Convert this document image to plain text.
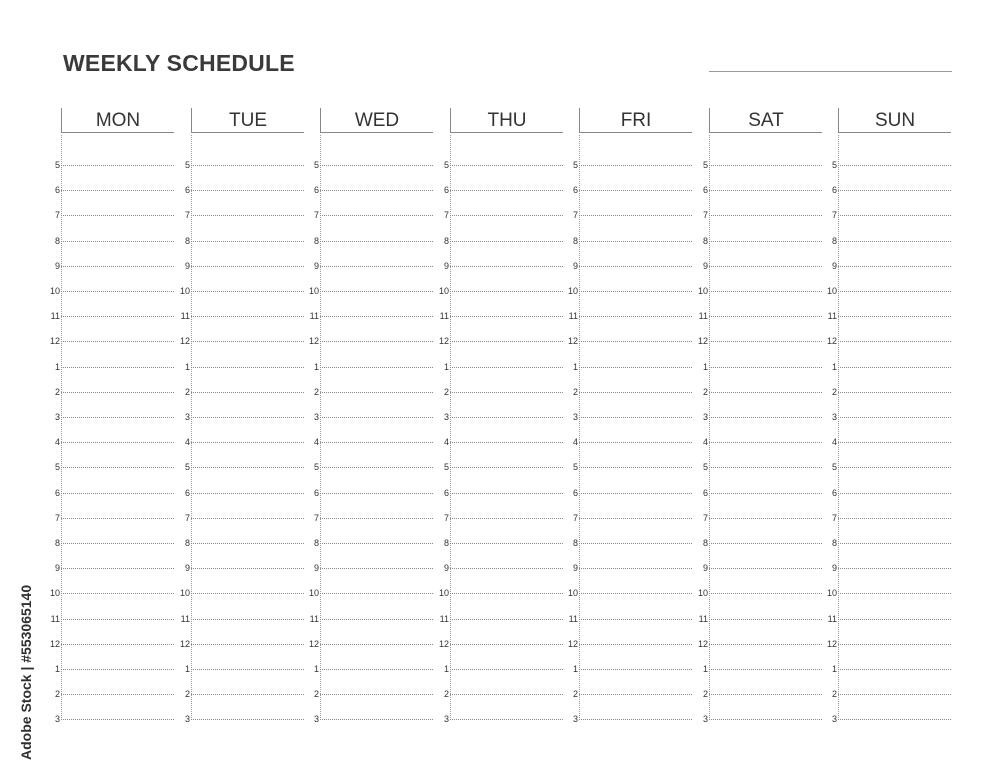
WEEKLY SCHEDULE
MON
5
6
7
8
9
10
11
12
1
2
3
4
5
6
7
8
9
10
11
12
1
2
3
TUE
5
6
7
8
9
10
11
12
1
2
3
4
5
6
7
8
9
10
11
12
1
2
3
WED
5
6
7
8
9
10
11
12
1
2
3
4
5
6
7
8
9
10
11
12
1
2
3
THU
5
6
7
8
9
10
11
12
1
2
3
4
5
6
7
8
9
10
11
12
1
2
3
FRI
5
6
7
8
9
10
11
12
1
2
3
4
5
6
7
8
9
10
11
12
1
2
3
SAT
5
6
7
8
9
10
11
12
1
2
3
4
5
6
7
8
9
10
11
12
1
2
3
SUN
5
6
7
8
9
10
11
12
1
2
3
4
5
6
7
8
9
10
11
12
1
2
3
Adobe Stock | #553065140
